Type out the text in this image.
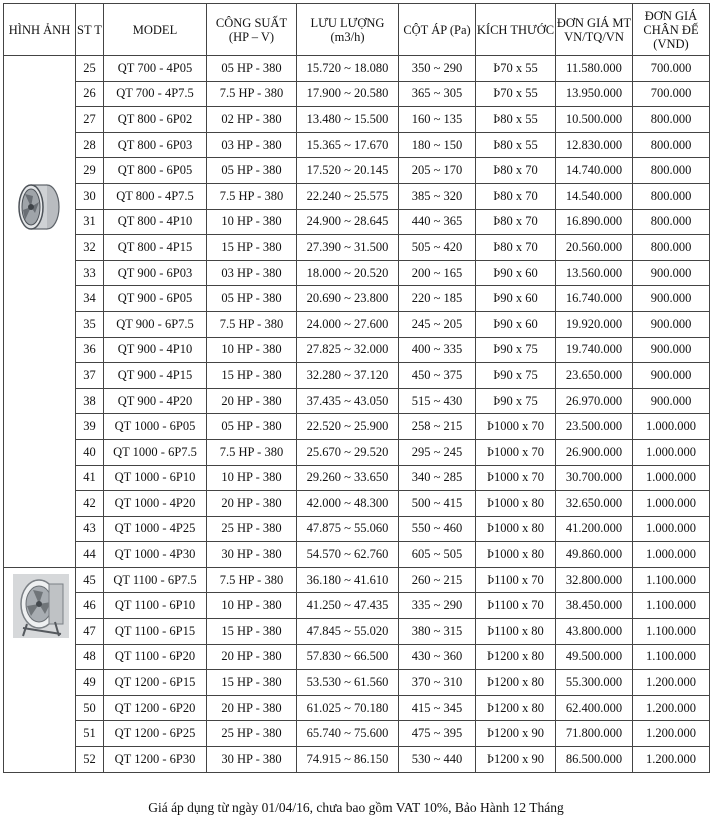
HÌNH ẢNH	ST T	MODEL	CÔNG SUẤT (HP – V)	LƯU LƯỢNG (m3/h)	CỘT ÁP (Pa)	KÍCH THƯỚC	ĐƠN GIÁ MT VN/TQ/VN	ĐƠN GIÁ CHÂN ĐẾ (VND)

	25	QT 700 - 4P05	05 HP - 380	15.720 ~ 18.080	350 ~ 290	Þ70 x 55	11.580.000	700.000
	26	QT 700 - 4P7.5	7.5 HP - 380	17.900 ~ 20.580	365 ~ 305	Þ70 x 55	13.950.000	700.000
	27	QT 800 - 6P02	02 HP - 380	13.480 ~ 15.500	160 ~ 135	Þ80 x 55	10.500.000	800.000
	28	QT 800 - 6P03	03 HP - 380	15.365 ~ 17.670	180 ~ 150	Þ80 x 55	12.830.000	800.000
	29	QT 800 - 6P05	05 HP - 380	17.520 ~ 20.145	205 ~ 170	Þ80 x 70	14.740.000	800.000
	30	QT 800 - 4P7.5	7.5 HP - 380	22.240 ~ 25.575	385 ~ 320	Þ80 x 70	14.540.000	800.000
	31	QT 800 - 4P10	10 HP - 380	24.900 ~ 28.645	440 ~ 365	Þ80 x 70	16.890.000	800.000
	32	QT 800 - 4P15	15 HP - 380	27.390 ~ 31.500	505 ~ 420	Þ80 x 70	20.560.000	800.000
	33	QT 900 - 6P03	03 HP - 380	18.000 ~ 20.520	200 ~ 165	Þ90 x 60	13.560.000	900.000
	34	QT 900 - 6P05	05 HP - 380	20.690 ~ 23.800	220 ~ 185	Þ90 x 60	16.740.000	900.000
	35	QT 900 - 6P7.5	7.5 HP - 380	24.000 ~ 27.600	245 ~ 205	Þ90 x 60	19.920.000	900.000
	36	QT 900 - 4P10	10 HP - 380	27.825 ~ 32.000	400 ~ 335	Þ90 x 75	19.740.000	900.000
	37	QT 900 - 4P15	15 HP - 380	32.280 ~ 37.120	450 ~ 375	Þ90 x 75	23.650.000	900.000
	38	QT 900 - 4P20	20 HP - 380	37.435 ~ 43.050	515 ~ 430	Þ90 x 75	26.970.000	900.000
	39	QT 1000 - 6P05	05 HP - 380	22.520 ~ 25.900	258 ~ 215	Þ1000 x 70	23.500.000	1.000.000
	40	QT 1000 - 6P7.5	7.5 HP - 380	25.670 ~ 29.520	295 ~ 245	Þ1000 x 70	26.900.000	1.000.000
	41	QT 1000 - 6P10	10 HP - 380	29.260 ~ 33.650	340 ~ 285	Þ1000 x 70	30.700.000	1.000.000
	42	QT 1000 - 4P20	20 HP - 380	42.000 ~ 48.300	500 ~ 415	Þ1000 x 80	32.650.000	1.000.000
	43	QT 1000 - 4P25	25 HP - 380	47.875 ~ 55.060	550 ~ 460	Þ1000 x 80	41.200.000	1.000.000
	44	QT 1000 - 4P30	30 HP - 380	54.570 ~ 62.760	605 ~ 505	Þ1000 x 80	49.860.000	1.000.000

	45	QT 1100 - 6P7.5	7.5 HP - 380	36.180 ~ 41.610	260 ~ 215	Þ1100 x 70	32.800.000	1.100.000
	46	QT 1100 - 6P10	10 HP - 380	41.250 ~ 47.435	335 ~ 290	Þ1100 x 70	38.450.000	1.100.000
	47	QT 1100 - 6P15	15 HP - 380	47.845 ~ 55.020	380 ~ 315	Þ1100 x 80	43.800.000	1.100.000
	48	QT 1100 - 6P20	20 HP - 380	57.830 ~ 66.500	430 ~ 360	Þ1200 x 80	49.500.000	1.100.000
	49	QT 1200 - 6P15	15 HP - 380	53.530 ~ 61.560	370 ~ 310	Þ1200 x 80	55.300.000	1.200.000
	50	QT 1200 - 6P20	20 HP - 380	61.025 ~ 70.180	415 ~ 345	Þ1200 x 80	62.400.000	1.200.000
	51	QT 1200 - 6P25	25 HP - 380	65.740 ~ 75.600	475 ~ 395	Þ1200 x 90	71.800.000	1.200.000
	52	QT 1200 - 6P30	30 HP - 380	74.915 ~ 86.150	530 ~ 440	Þ1200 x 90	86.500.000	1.200.000
Giá áp dụng từ ngày 01/04/16, chưa bao gồm VAT 10%, Bảo Hành 12 Tháng
